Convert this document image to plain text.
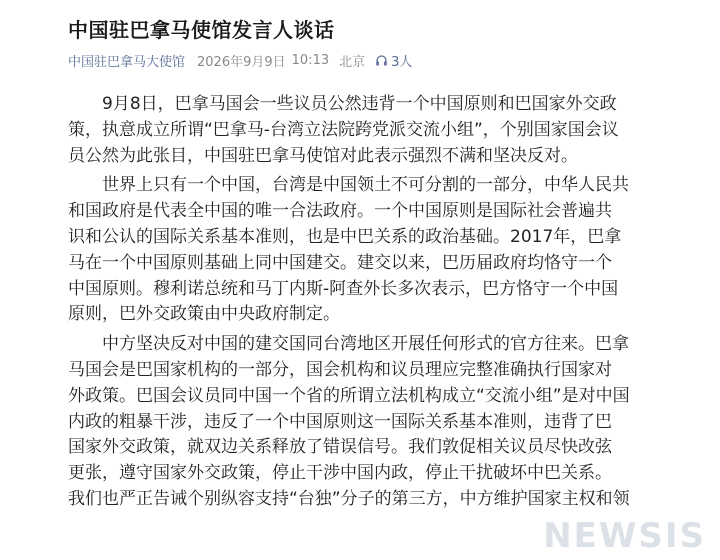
中国驻巴拿马使馆发言人谈话
中国驻巴拿马大使馆 2026年9月9日 10:13 北京 3人

9月8日，巴拿马国会一些议员公然违背一个中国原则和巴国家外交政
策，执意成立所谓“巴拿马-台湾立法院跨党派交流小组”，个别国家国会议
员公然为此张目，中国驻巴拿马使馆对此表示强烈不满和坚决反对。

世界上只有一个中国，台湾是中国领土不可分割的一部分，中华人民共
和国政府是代表全中国的唯一合法政府。一个中国原则是国际社会普遍共
识和公认的国际关系基本准则，也是中巴关系的政治基础。2017年，巴拿
马在一个中国原则基础上同中国建交。建交以来，巴历届政府均恪守一个
中国原则。穆利诺总统和马丁内斯-阿查外长多次表示，巴方恪守一个中国
原则，巴外交政策由中央政府制定。

中方坚决反对中国的建交国同台湾地区开展任何形式的官方往来。巴拿
马国会是巴国家机构的一部分，国会机构和议员理应完整准确执行国家对
外政策。巴国会议员同中国一个省的所谓立法机构成立“交流小组”是对中国
内政的粗暴干涉，违反了一个中国原则这一国际关系基本准则，违背了巴
国家外交政策，就双边关系释放了错误信号。我们敦促相关议员尽快改弦
更张，遵守国家外交政策，停止干涉中国内政，停止干扰破坏中巴关系。
我们也严正告诫个别纵容支持“台独”分子的第三方，中方维护国家主权和领

NEWSIS
